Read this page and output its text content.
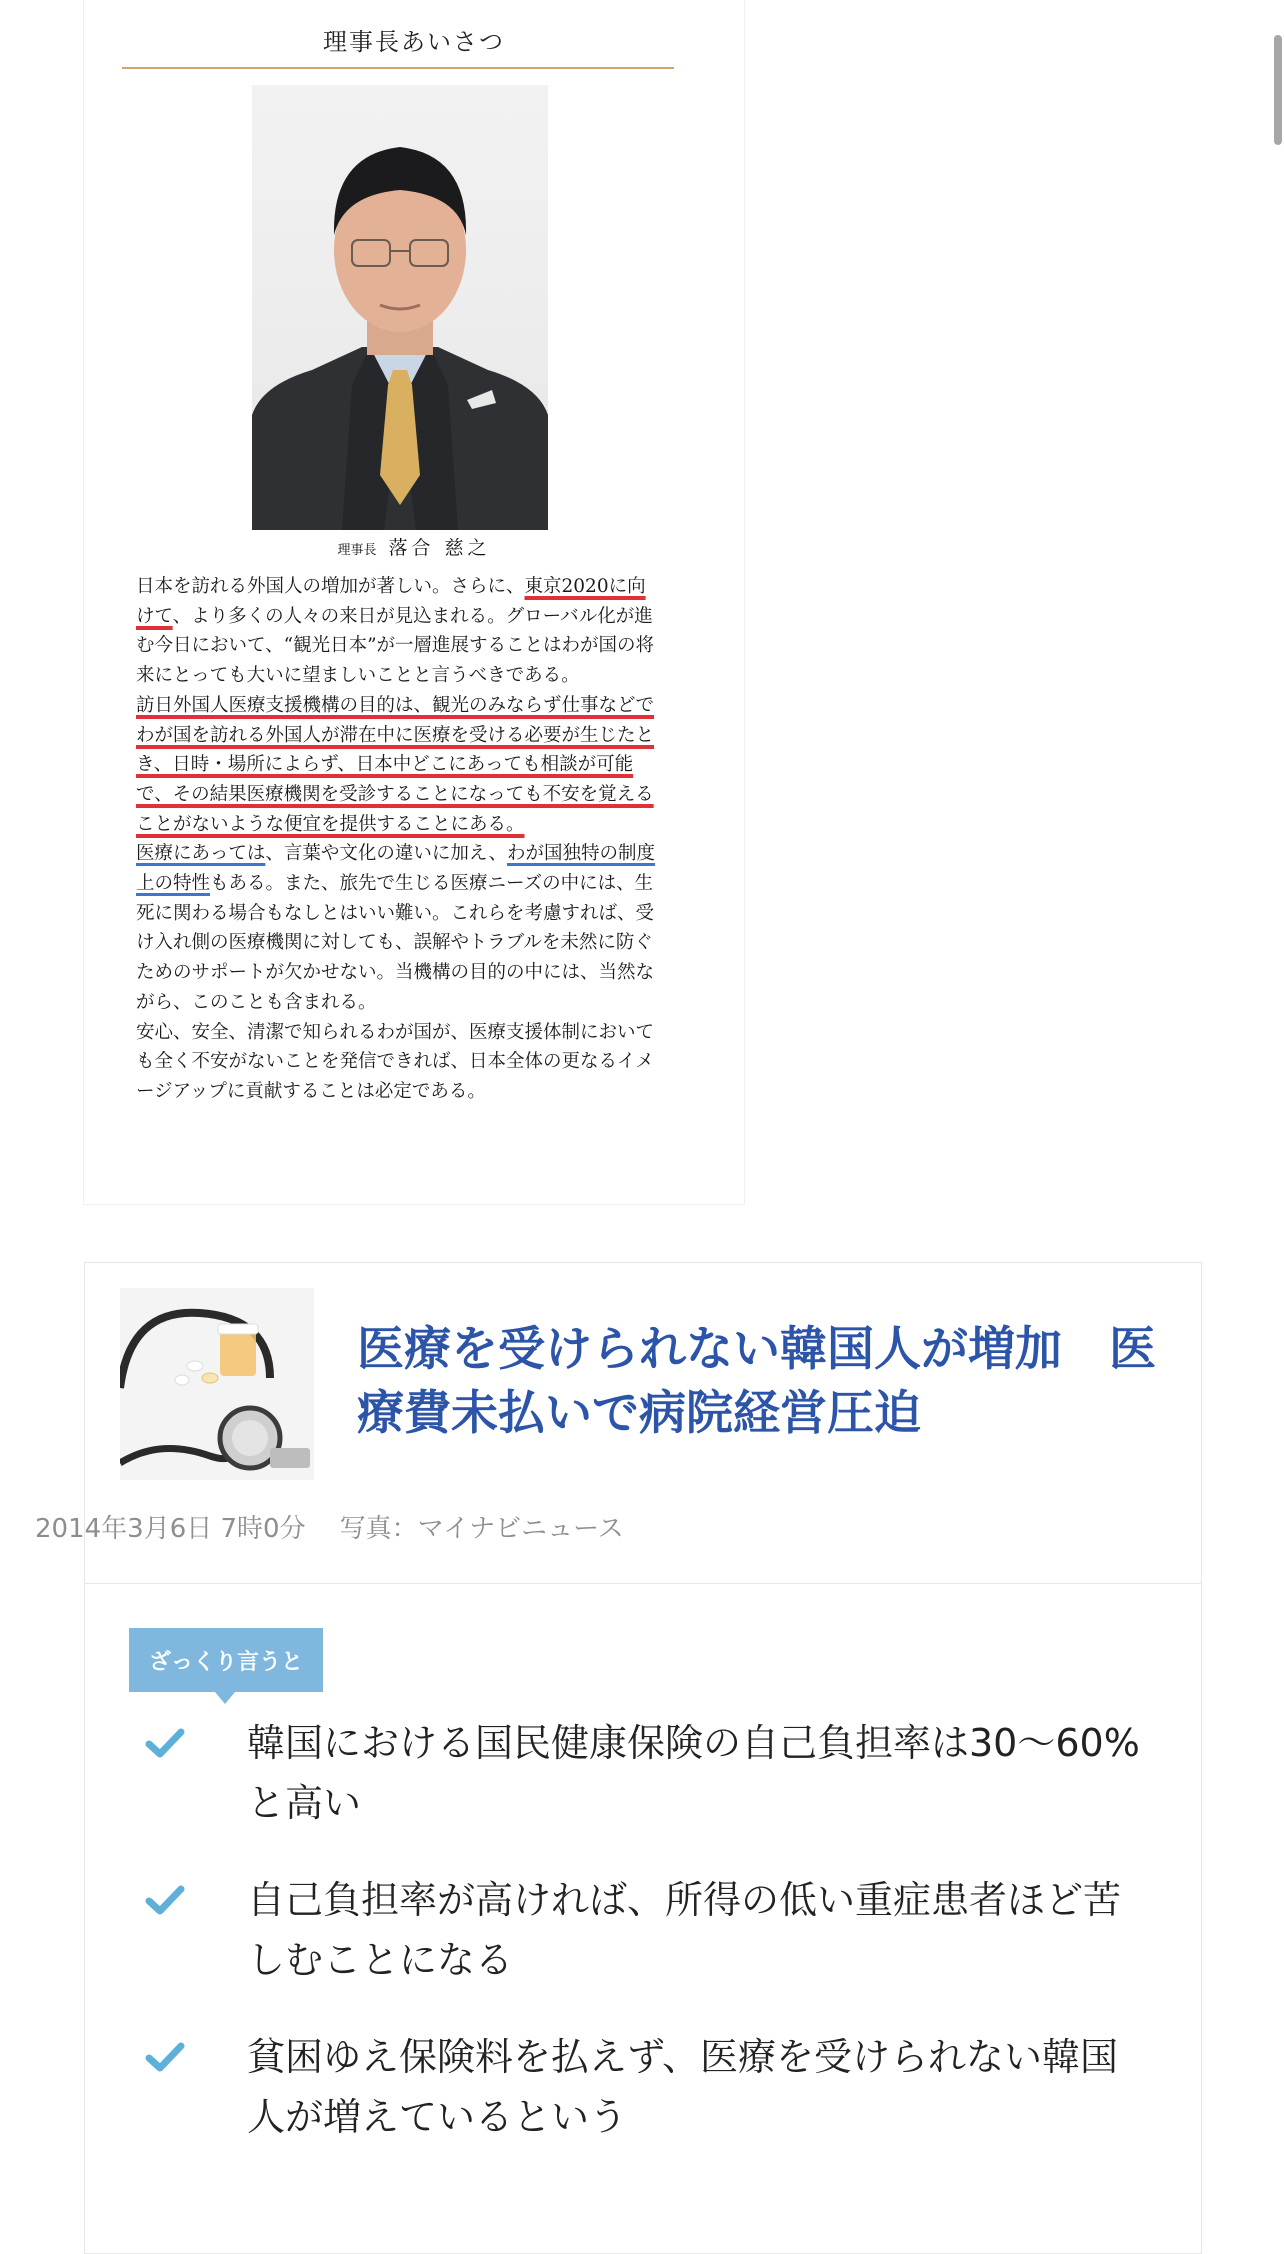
理事長あいさつ
理事長 落合 慈之

日本を訪れる外国人の増加が著しい。さらに、東京2020に向けて、より多くの人々の来日が見込まれる。グローバル化が進む今日において、“観光日本”が一層進展することはわが国の将来にとっても大いに望ましいことと言うべきである。

訪日外国人医療支援機構の目的は、観光のみならず仕事などでわが国を訪れる外国人が滞在中に医療を受ける必要が生じたとき、日時・場所によらず、日本中どこにあっても相談が可能で、その結果医療機関を受診することになっても不安を覚えることがないような便宜を提供することにある。

医療にあっては、言葉や文化の違いに加え、わが国独特の制度上の特性もある。また、旅先で生じる医療ニーズの中には、生死に関わる場合もなしとはいい難い。これらを考慮すれば、受け入れ側の医療機関に対しても、誤解やトラブルを未然に防ぐためのサポートが欠かせない。当機構の目的の中には、当然ながら、このことも含まれる。

安心、安全、清潔で知られるわが国が、医療支援体制においても全く不安がないことを発信できれば、日本全体の更なるイメージアップに貢献することは必定である。

医療を受けられない韓国人が増加　医療費未払いで病院経営圧迫
ざっくり言うと
韓国における国民健康保険の自己負担率は30〜60%と高い
自己負担率が高ければ、所得の低い重症患者ほど苦しむことになる
貧困ゆえ保険料を払えず、医療を受けられない韓国人が増えているという
2014年3月6日 7時0分 写真：マイナビニュース
